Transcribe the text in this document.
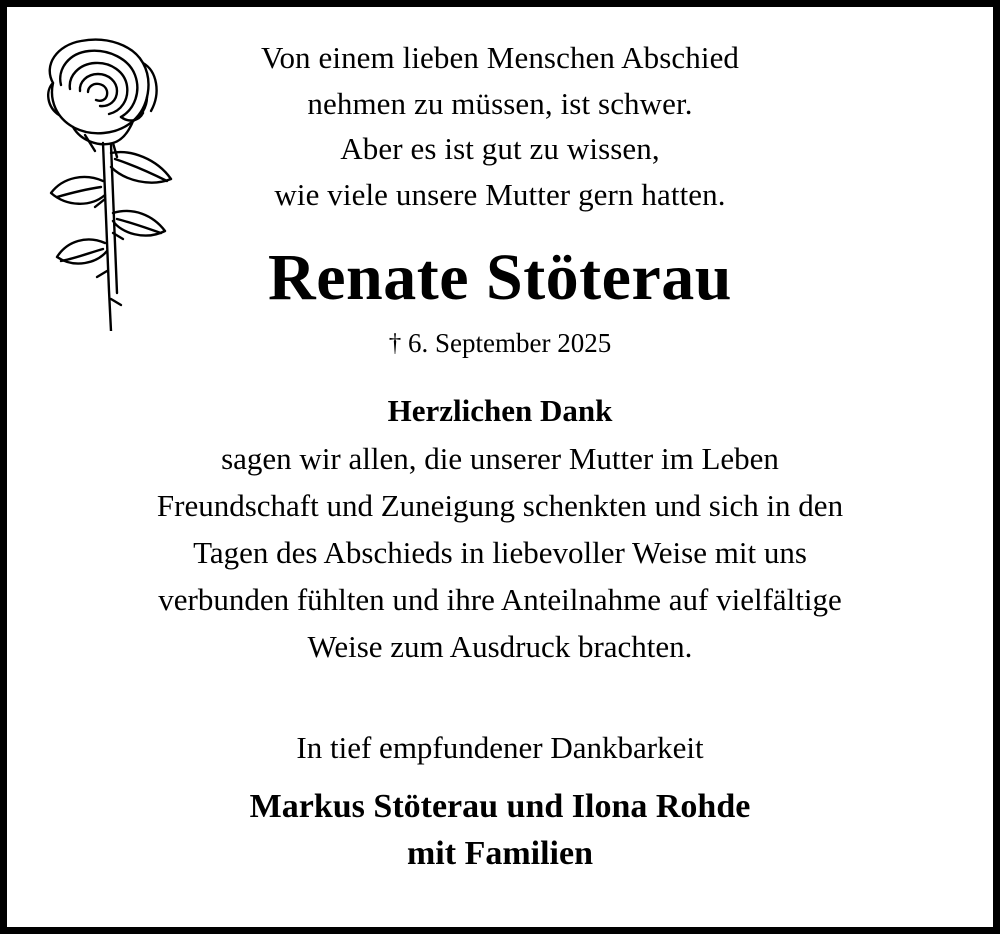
Von einem lieben Menschen Abschied
nehmen zu müssen, ist schwer.
Aber es ist gut zu wissen,
wie viele unsere Mutter gern hatten.
Renate Stöterau
† 6. September 2025
Herzlichen Dank
sagen wir allen, die unserer Mutter im Leben
Freundschaft und Zuneigung schenkten und sich in den
Tagen des Abschieds in liebevoller Weise mit uns
verbunden fühlten und ihre Anteilnahme auf vielfältige
Weise zum Ausdruck brachten.
In tief empfundener Dankbarkeit
Markus Stöterau und Ilona Rohde
mit Familien
